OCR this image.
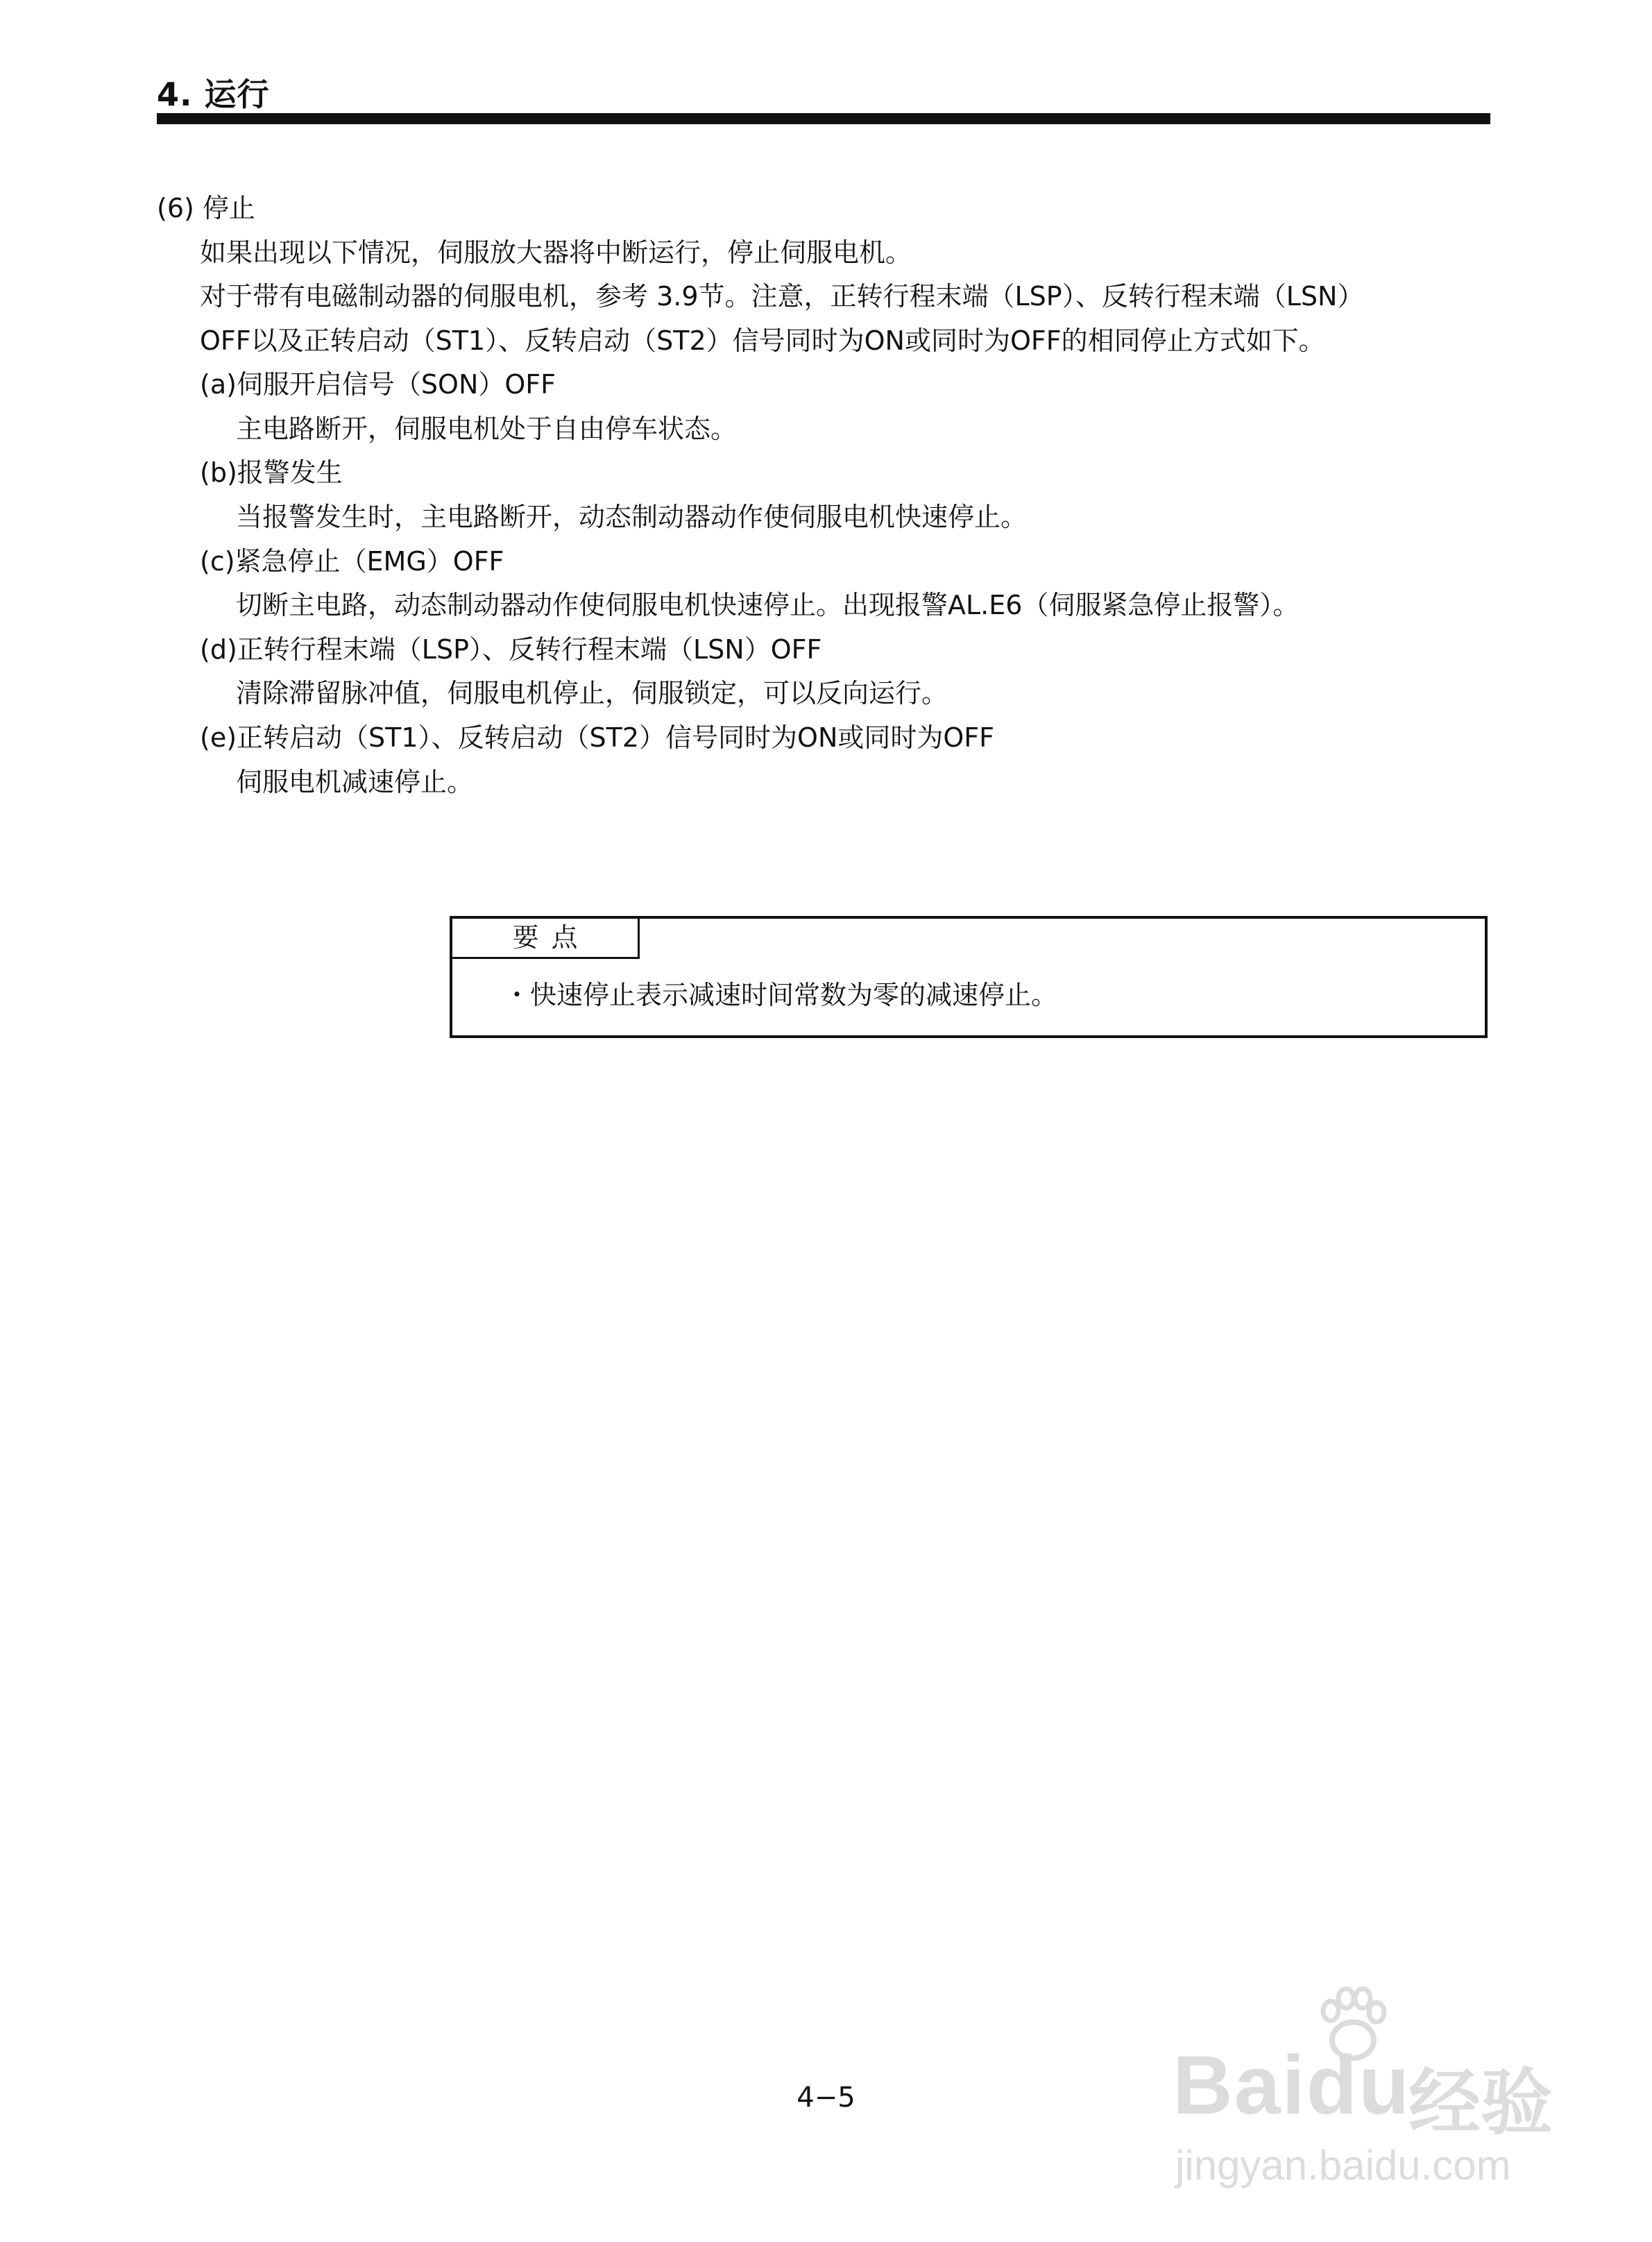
4. 运行
(6) 停止
如果出现以下情况，伺服放大器将中断运行，停止伺服电机。
对于带有电磁制动器的伺服电机，参考 3.9节。注意，正转行程末端（LSP）、反转行程末端（LSN）
OFF以及正转启动（ST1）、反转启动（ST2）信号同时为ON或同时为OFF的相同停止方式如下。
(a)伺服开启信号（SON）OFF
主电路断开，伺服电机处于自由停车状态。
(b)报警发生
当报警发生时，主电路断开，动态制动器动作使伺服电机快速停止。
(c)紧急停止（EMG）OFF
切断主电路，动态制动器动作使伺服电机快速停止。出现报警AL.E6（伺服紧急停止报警）。
(d)正转行程末端（LSP）、反转行程末端（LSN）OFF
清除滞留脉冲值，伺服电机停止，伺服锁定，可以反向运行。
(e)正转启动（ST1）、反转启动（ST2）信号同时为ON或同时为OFF
伺服电机减速停止。
要点
・快速停止表示减速时间常数为零的减速停止。
4−5	Baidu
经验
jingyan.baidu.com
